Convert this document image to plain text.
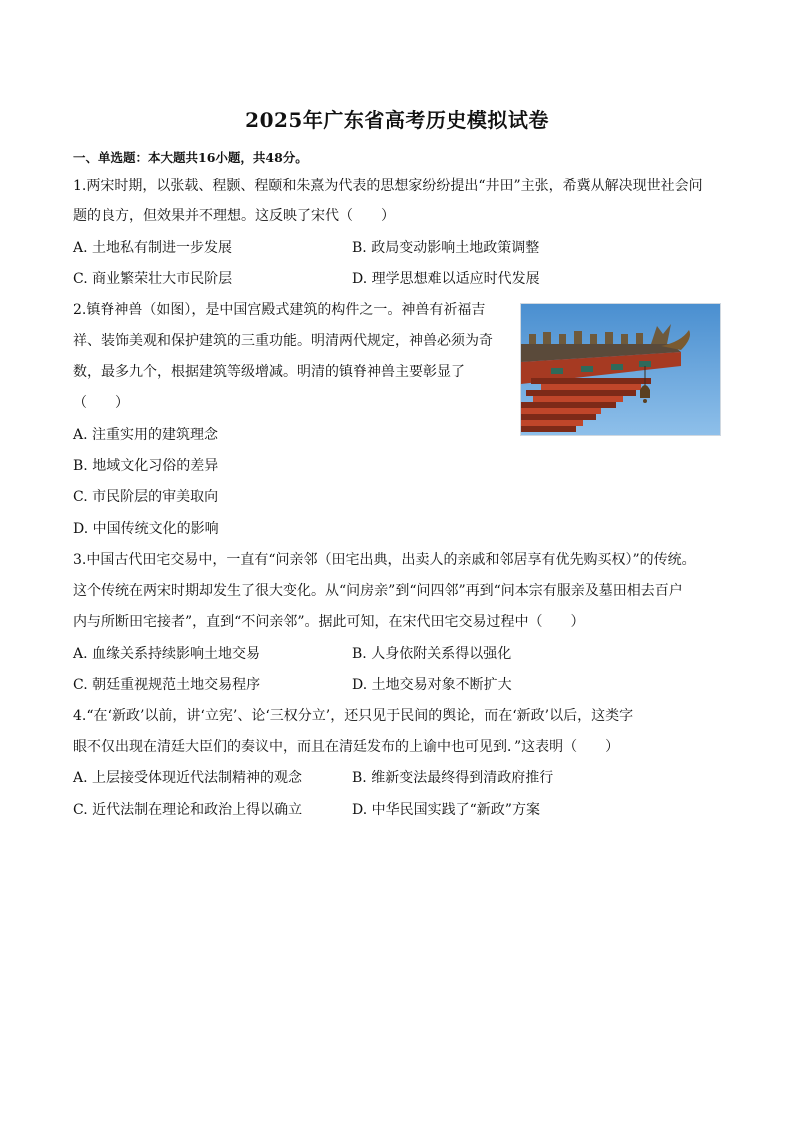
2025年广东省高考历史模拟试卷
一、单选题：本大题共16小题，共48分。
1.两宋时期，以张载、程颢、程颐和朱熹为代表的思想家纷纷提出“井田”主张，希冀从解决现世社会问
题的良方，但效果并不理想。这反映了宋代（　　）
A. 土地私有制进一步发展	B. 政局变动影响土地政策调整
C. 商业繁荣壮大市民阶层	D. 理学思想难以适应时代发展
2.镇脊神兽（如图），是中国宫殿式建筑的构件之一。神兽有祈福吉
祥、装饰美观和保护建筑的三重功能。明清两代规定，神兽必须为奇
数，最多九个，根据建筑等级增减。明清的镇脊神兽主要彰显了
（　　）
A. 注重实用的建筑理念
B. 地域文化习俗的差异
C. 市民阶层的审美取向
D. 中国传统文化的影响
3.中国古代田宅交易中，一直有“问亲邻（田宅出典，出卖人的亲戚和邻居享有优先购买权）”的传统。
这个传统在两宋时期却发生了很大变化。从“问房亲”到“问四邻”再到“问本宗有服亲及墓田相去百户
内与所断田宅接者”，直到“不问亲邻”。据此可知，在宋代田宅交易过程中（　　）
A. 血缘关系持续影响土地交易	B. 人身依附关系得以强化
C. 朝廷重视规范土地交易程序	D. 土地交易对象不断扩大
4.“在‘新政’以前，讲‘立宪’、论‘三权分立’，还只见于民间的舆论，而在‘新政’以后，这类字
眼不仅出现在清廷大臣们的奏议中，而且在清廷发布的上谕中也可见到．”这表明（　　）
A. 上层接受体现近代法制精神的观念	B. 维新变法最终得到清政府推行
C. 近代法制在理论和政治上得以确立	D. 中华民国实践了“新政”方案
